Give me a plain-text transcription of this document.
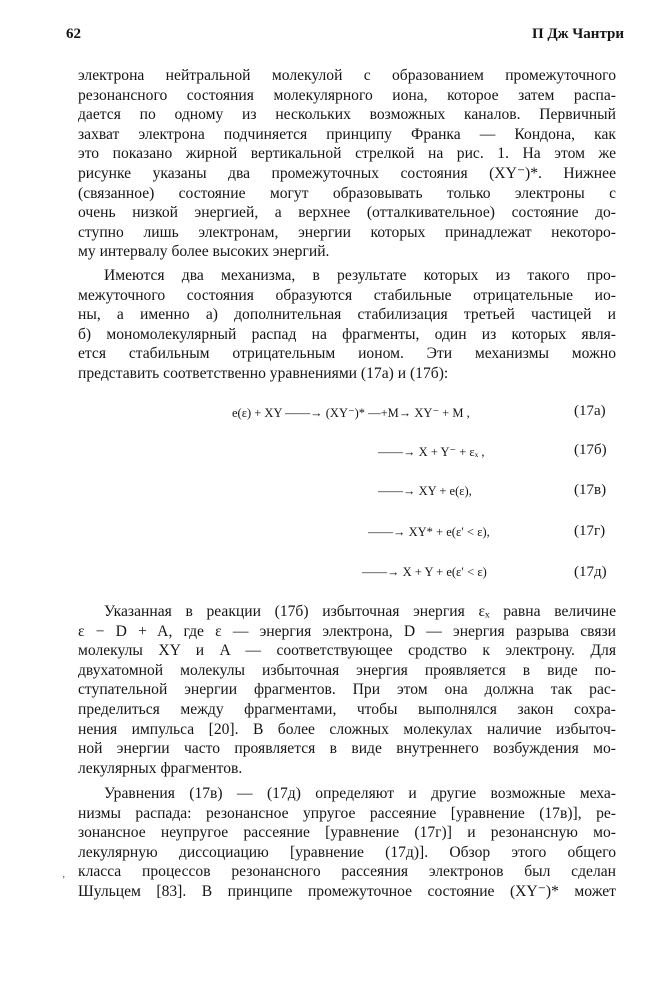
62	П Дж Чантри
электрона нейтральной молекулой с образованием промежуточного
резонансного состояния молекулярного иона, которое затем распа-
дается по одному из нескольких возможных каналов. Первичный
захват электрона подчиняется принципу Франка — Кондона, как
это показано жирной вертикальной стрелкой на рис. 1. На этом же
рисунке указаны два промежуточных состояния (XY⁻)*. Нижнее
(связанное) состояние могут образовывать только электроны с
очень низкой энергией, а верхнее (отталкивательное) состояние до-
ступно лишь электронам, энергии которых принадлежат некоторо-
му интервалу более высоких энергий.
Имеются два механизма, в результате которых из такого про-
межуточного состояния образуются стабильные отрицательные ио-
ны, а именно а) дополнительная стабилизация третьей частицей и
б) мономолекулярный распад на фрагменты, один из которых явля-
ется стабильным отрицательным ионом. Эти механизмы можно
представить соответственно уравнениями (17а) и (17б):
e(ε) + XY ——→ (XY⁻)* —+M→ XY⁻ + M ,	(17а)
——→ X + Y⁻ + εₓ ,	(17б)
——→ XY + e(ε),	(17в)
——→ XY* + e(ε′ < ε),	(17г)
——→ X + Y + e(ε′ < ε)	(17д)
Указанная в реакции (17б) избыточная энергия εₓ равна величине
ε − D + A, где ε — энергия электрона, D — энергия разрыва связи
молекулы XY и A — соответствующее сродство к электрону. Для
двухатомной молекулы избыточная энергия проявляется в виде по-
ступательной энергии фрагментов. При этом она должна так рас-
пределиться между фрагментами, чтобы выполнялся закон сохра-
нения импульса [20]. В более сложных молекулах наличие избыточ-
ной энергии часто проявляется в виде внутреннего возбуждения мо-
лекулярных фрагментов.
Уравнения (17в) — (17д) определяют и другие возможные меха-
низмы распада: резонансное упругое рассеяние [уравнение (17в)], ре-
зонансное неупругое рассеяние [уравнение (17г)] и резонансную мо-
лекулярную диссоциацию [уравнение (17д)]. Обзор этого общего
класса процессов резонансного рассеяния электронов был сделан
Шульцем [83]. В принципе промежуточное состояние (XY⁻)* может
ʼ
